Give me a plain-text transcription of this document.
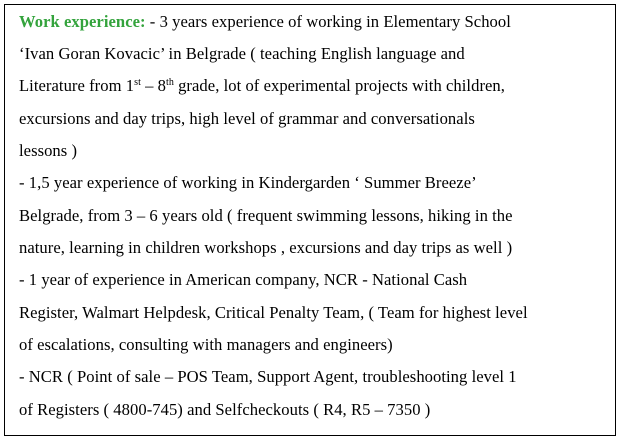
Work experience: - 3 years experience of working in Elementary School
‘Ivan Goran Kovacic’ in Belgrade ( teaching English language and
Literature from 1st – 8th grade, lot of experimental projects with children,
excursions and day trips, high level of grammar and conversationals
lessons )
- 1,5 year experience of working in Kindergarden ‘ Summer Breeze’
Belgrade, from 3 – 6 years old ( frequent swimming lessons, hiking in the
nature, learning in children workshops , excursions and day trips as well )
- 1 year of experience in American company, NCR - National Cash
Register, Walmart Helpdesk, Critical Penalty Team, ( Team for highest level
of escalations, consulting with managers and engineers)
- NCR ( Point of sale – POS Team, Support Agent, troubleshooting level 1
of Registers ( 4800-745) and Selfcheckouts ( R4, R5 – 7350 )
